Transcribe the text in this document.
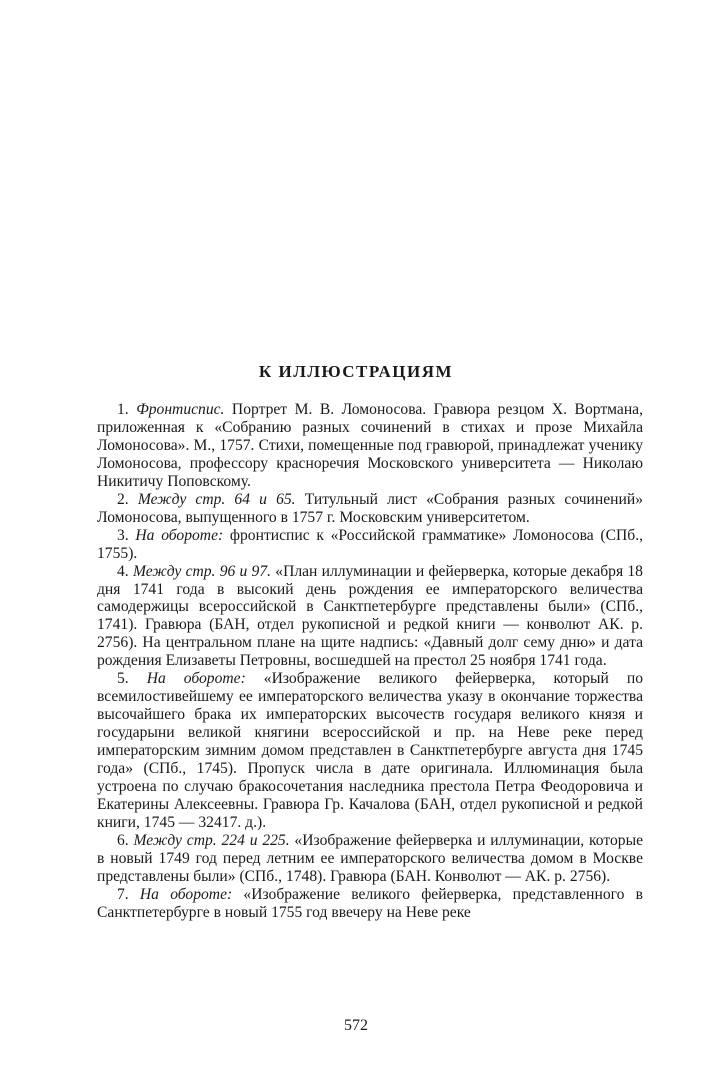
К ИЛЛЮСТРАЦИЯМ

1. Фронтиспис. Портрет М. В. Ломоносова. Гравюра резцом Х. Вортмана, приложенная к «Собранию разных сочинений в стихах и прозе Михайла Ломоносова». М., 1757. Стихи, помещенные под гравюрой, принадлежат ученику Ломоносова, профессору красноречия Московского университета — Николаю Никитичу Поповскому.

2. Между стр. 64 и 65. Титульный лист «Собрания разных сочинений» Ломоносова, выпущенного в 1757 г. Московским университетом.

3. На обороте: фронтиспис к «Российской грамматике» Ломоносова (СПб., 1755).

4. Между стр. 96 и 97. «План иллуминации и фейерверка, которые декабря 18 дня 1741 года в высокий день рождения ее императорского величества самодержицы всероссийской в Санктпетербурге представлены были» (СПб., 1741). Гравюра (БАН, отдел рукописной и редкой книги — конволют АК. р. 2756). На центральном плане на щите надпись: «Давный долг сему дню» и дата рождения Елизаветы Петровны, восшедшей на престол 25 ноября 1741 года.

5. На обороте: «Изображение великого фейерверка, который по всемилостивейшему ее императорского величества указу в окончание торжества высочайшего брака их императорских высочеств государя великого князя и государыни великой княгини всероссийской и пр. на Неве реке перед императорским зимним домом представлен в Санктпетербурге августа дня 1745 года» (СПб., 1745). Пропуск числа в дате оригинала. Иллюминация была устроена по случаю бракосочетания наследника престола Петра Феодоровича и Екатерины Алексеевны. Гравюра Гр. Качалова (БАН, отдел рукописной и редкой книги, 1745 — 32417. д.).

6. Между стр. 224 и 225. «Изображение фейерверка и иллуминации, которые в новый 1749 год перед летним ее императорского величества домом в Москве представлены были» (СПб., 1748). Гравюра (БАН. Конволют — АК. р. 2756).

7. На обороте: «Изображение великого фейерверка, представленного в Санктпетербурге в новый 1755 год ввечеру на Неве реке

572
